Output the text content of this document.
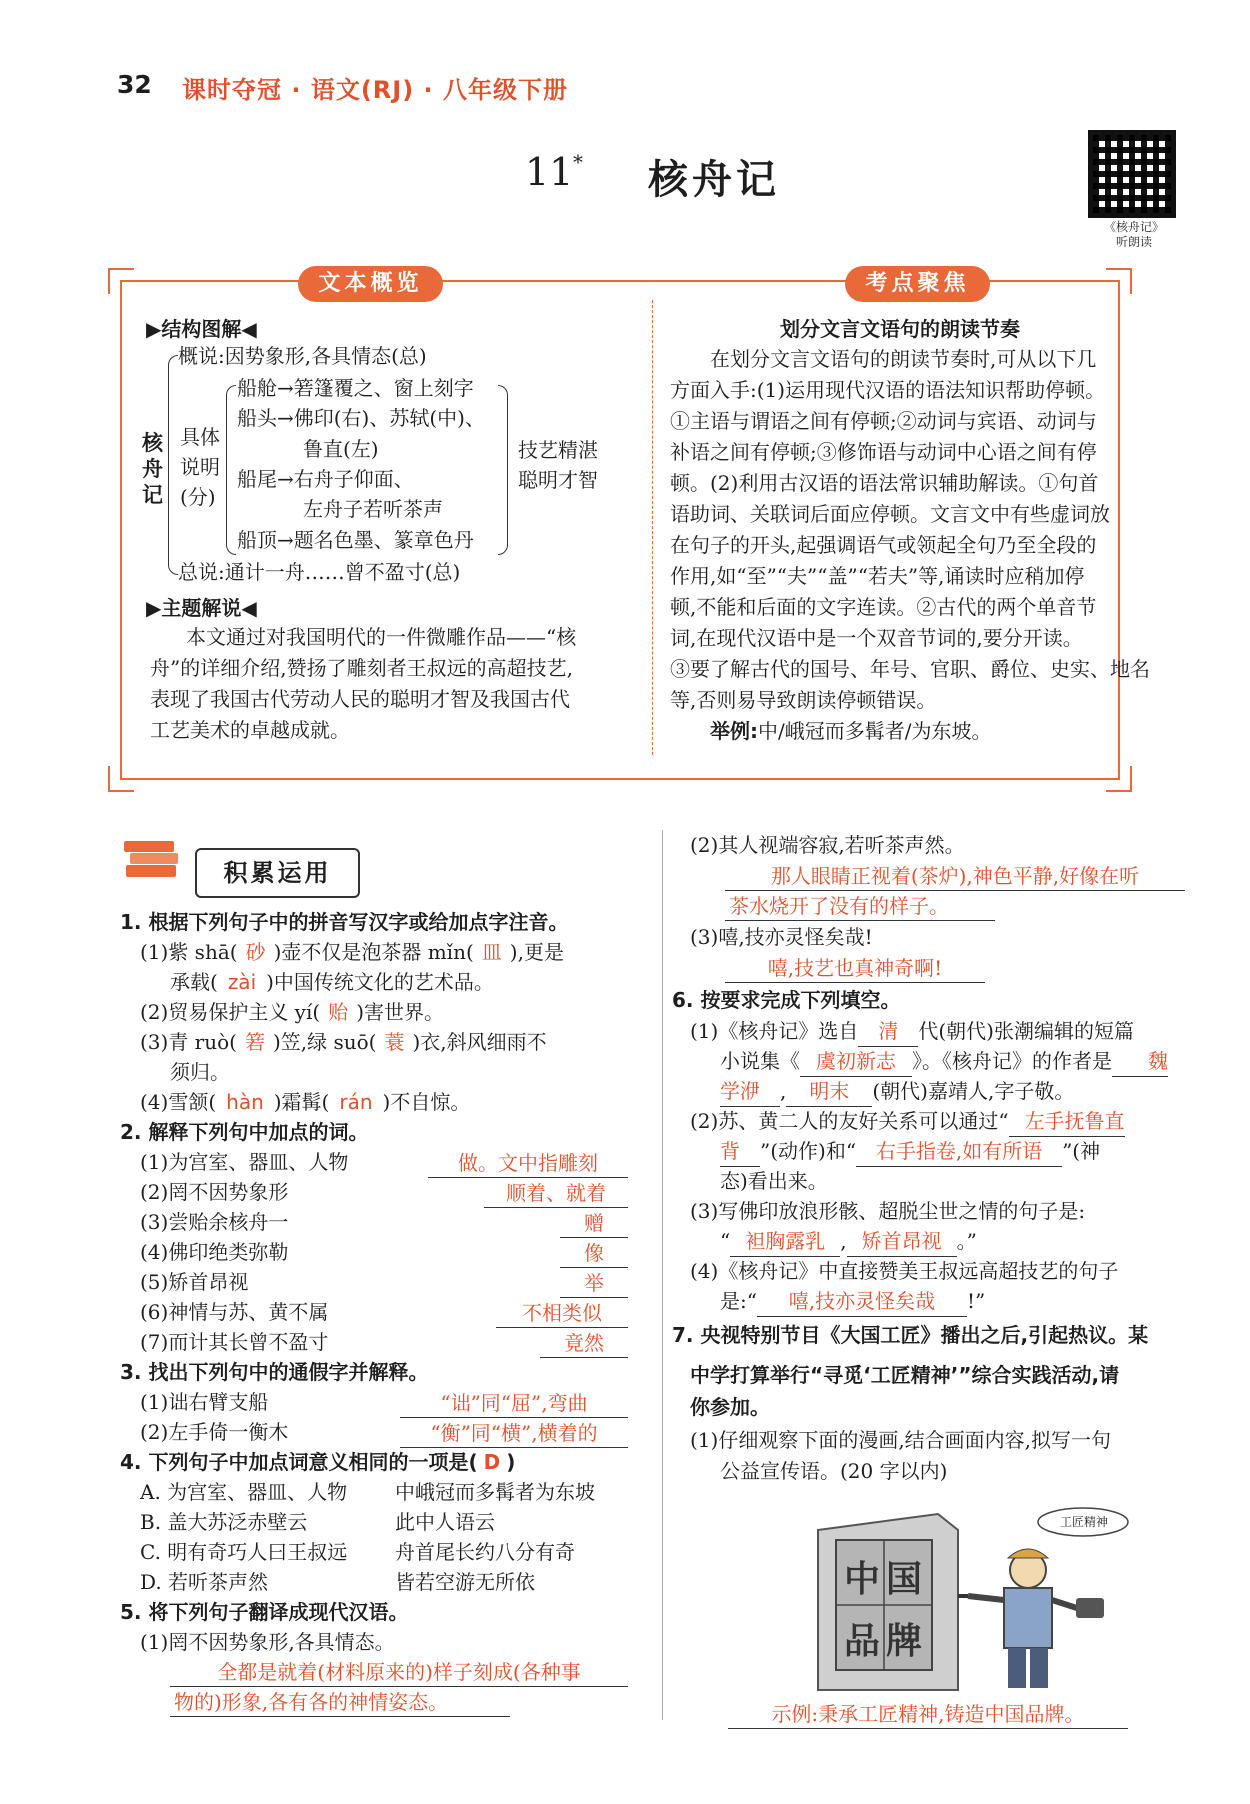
32 课时夺冠 · 语文(RJ) · 八年级下册
11 * 核舟记
《核舟记》
听朗读
文本概览	考点聚焦
▶结构图解◀
核舟记
概说:因势象形,各具情态(总)
具体说明(分)
船舱→箬篷覆之、窗上刻字
船头→佛印(右)、苏轼(中)、
鲁直(左)
船尾→右舟子仰面、
左舟子若听茶声
船顶→题名色墨、篆章色丹
技艺精湛
聪明才智
总说:通计一舟……曾不盈寸(总)
▶主题解说◀
本文通过对我国明代的一件微雕作品——“核
舟”的详细介绍,赞扬了雕刻者王叔远的高超技艺,
表现了我国古代劳动人民的聪明才智及我国古代
工艺美术的卓越成就。
划分文言文语句的朗读节奏
在划分文言文语句的朗读节奏时,可从以下几
方面入手:(1)运用现代汉语的语法知识帮助停顿。
①主语与谓语之间有停顿;②动词与宾语、动词与
补语之间有停顿;③修饰语与动词中心语之间有停
顿。(2)利用古汉语的语法常识辅助解读。①句首
语助词、关联词后面应停顿。文言文中有些虚词放
在句子的开头,起强调语气或领起全句乃至全段的
作用,如“至”“夫”“盖”“若夫”等,诵读时应稍加停
顿,不能和后面的文字连读。②古代的两个单音节
词,在现代汉语中是一个双音节词的,要分开读。
③要了解古代的国号、年号、官职、爵位、史实、地名
等,否则易导致朗读停顿错误。
举例:中/峨冠而多髯者/为东坡。
积累运用
1. 根据下列句子中的拼音写汉字或给加点字注音。
(1)紫 shā( 砂 )壶不仅是泡茶器 mǐn( 皿 ),更是
承载( zài )中国传统文化的艺术品。
(2)贸易保护主义 yí( 贻 )害世界。
(3)青 ruò( 箬 )笠,绿 suō( 蓑 )衣,斜风细雨不
须归。
(4)雪颔( hàn )霜髯( rán )不自惊。
2. 解释下列句中加点的词。
(1)为宫室、器皿、人物	做。文中指雕刻
(2)罔不因势象形	顺着、就着
(3)尝贻余核舟一	赠
(4)佛印绝类弥勒	像
(5)矫首昂视	举
(6)神情与苏、黄不属	不相类似
(7)而计其长曾不盈寸	竟然
3. 找出下列句中的通假字并解释。
(1)诎右臂支船	“诎”同“屈”,弯曲
(2)左手倚一衡木	“衡”同“横”,横着的
4. 下列句子中加点词意义相同的一项是( D )
A. 为宫室、器皿、人物 中峨冠而多髯者为东坡
B. 盖大苏泛赤壁云	此中人语云
C. 明有奇巧人曰王叔远 舟首尾长约八分有奇
D. 若听茶声然	皆若空游无所依
5. 将下列句子翻译成现代汉语。
(1)罔不因势象形,各具情态。
全都是就着(材料原来的)样子刻成(各种事
物的)形象,各有各的神情姿态。
(2)其人视端容寂,若听茶声然。
那人眼睛正视着(茶炉),神色平静,好像在听
茶水烧开了没有的样子。
(3)嘻,技亦灵怪矣哉!
嘻,技艺也真神奇啊!
6. 按要求完成下列填空。
(1)《核舟记》选自 清 代(朝代)张潮编辑的短篇
小说集《 虞初新志 》。《核舟记》的作者是 魏
学洢 , 明末 (朝代)嘉靖人,字子敬。
(2)苏、黄二人的友好关系可以通过“ 左手抚鲁直
背 ”(动作)和“ 右手指卷,如有所语 ”(神
态)看出来。
(3)写佛印放浪形骸、超脱尘世之情的句子是:
“ 袒胸露乳 , 矫首昂视 。”
(4)《核舟记》中直接赞美王叔远高超技艺的句子
是:“ 嘻,技亦灵怪矣哉 !”
7. 央视特别节目《大国工匠》播出之后,引起热议。某
中学打算举行“寻觅‘工匠精神’”综合实践活动,请
你参加。
(1)仔细观察下面的漫画,结合画面内容,拟写一句
公益宣传语。(20 字以内)
中国品牌
工匠精神
示例:秉承工匠精神,铸造中国品牌。
